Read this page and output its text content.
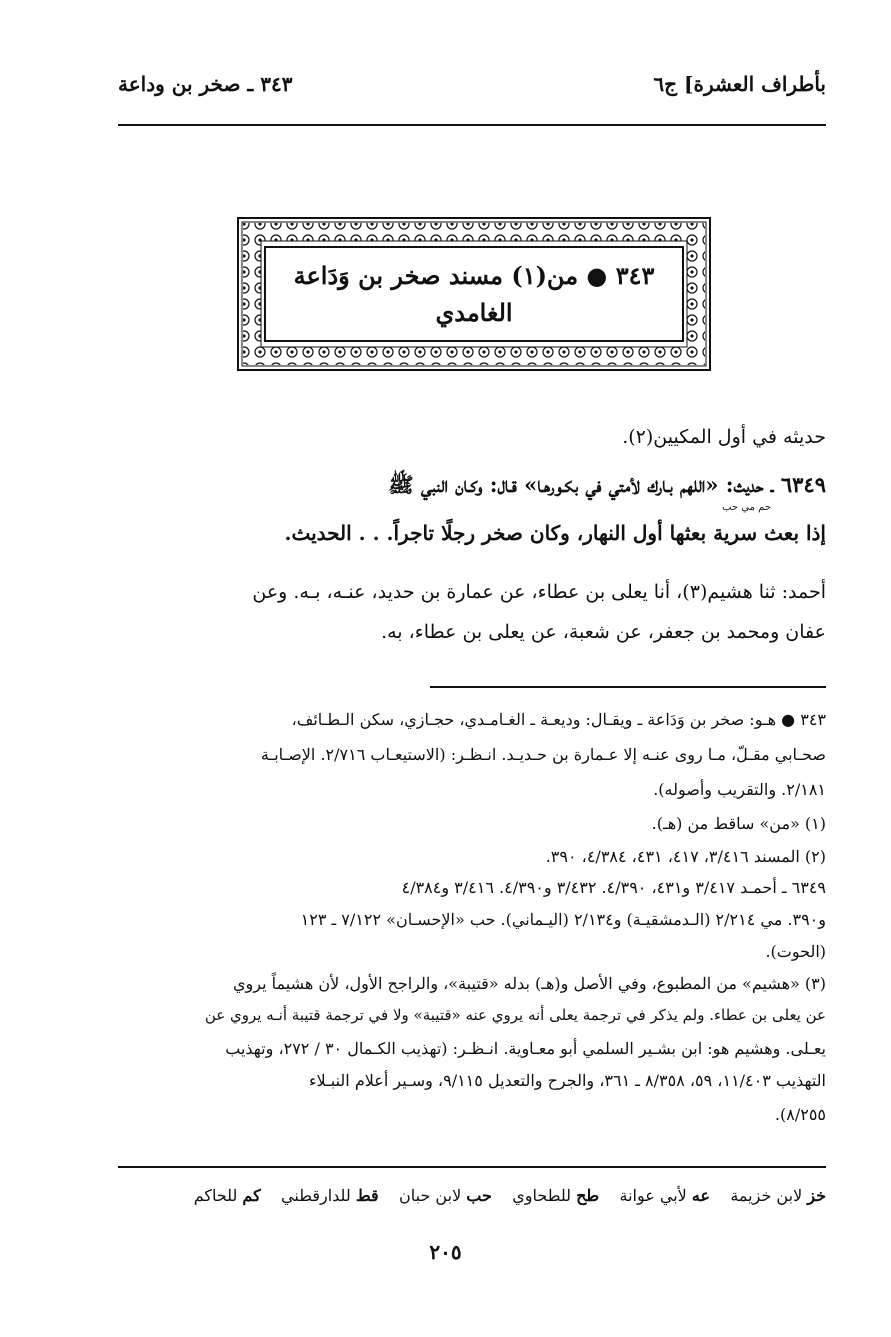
بأطراف العشرة] ج٦
٣٤٣ ـ صخر بن وداعة
٣٤٣ ● من(١) مسند صخر بن وَدَاعة الغامدي
حديثه في أول المكيين(٢).
٦٣٤٩ ـ حديث: «اللهم بـارك لأمتي في بكـورهـا» قـال: وكـان النبي ﷺ
حم مي حب
إذا بعث سرية بعثها أول النهار، وكان صخر رجلًا تاجراً. . . الحديث.
أحمد: ثنا هشيم(٣)، أنا يعلى بن عطاء، عن عمارة بن حديد، عنـه، بـه. وعن
عفان ومحمد بن جعفر، عن شعبة، عن يعلى بن عطاء، به.
٣٤٣ ● هـو: صخر بن وَدَاعة ـ ويقـال: وديعـة ـ الغـامـدي، حجـازي، سكن الـطـائف،
صحـابي مقـلّ، مـا روى عنـه إلا عـمارة بن حـديـد. انـظـر: (الاستيعـاب ٢/٧١٦. الإصـابـة
٢/١٨١. والتقريب وأصوله).
(١) «من» ساقط من (هـ).
(٢) المسند ٣/٤١٦، ٤١٧، ٤٣١، ٤/٣٨٤، ٣٩٠.
٦٣٤٩ ـ أحمـد ٣/٤١٧ و٤٣١، ٤/٣٩٠. ٣/٤٣٢ و٤/٣٩٠. ٣/٤١٦ و٤/٣٨٤
و٣٩٠. مي ٢/٢١٤ (الـدمشقيـة) و٢/١٣٤ (اليـماني). حب «الإحسـان» ٧/١٢٢ ـ ١٢٣
(الحوت).
(٣) «هشيم» من المطبوع، وفي الأصل و(هـ) بدله «قتيبة»، والراجح الأول، لأن هشيماً يروي
عن يعلى بن عطاء. ولم يذكر في ترجمة يعلى أنه يروي عنه «قتيبة» ولا في ترجمة قتيبة أنـه يروي عن
يعـلى. وهشيم هو: ابن بشـير السلمي أبو معـاوية. انـظـر: (تهذيب الكـمال ٣٠ / ٢٧٢، وتهذيب
التهذيب ١١/٤٠٣، ٥٩، ٨/٣٥٨ ـ ٣٦١، والجرح والتعديل ٩/١١٥، وسـير أعلام النبـلاء
٨/٢٥٥).
خز لابن خزيمة    عه لأبي عوانة    طح للطحاوي    حب لابن حبان    قط للدارقطني    كم للحاكم
٢٠٥
